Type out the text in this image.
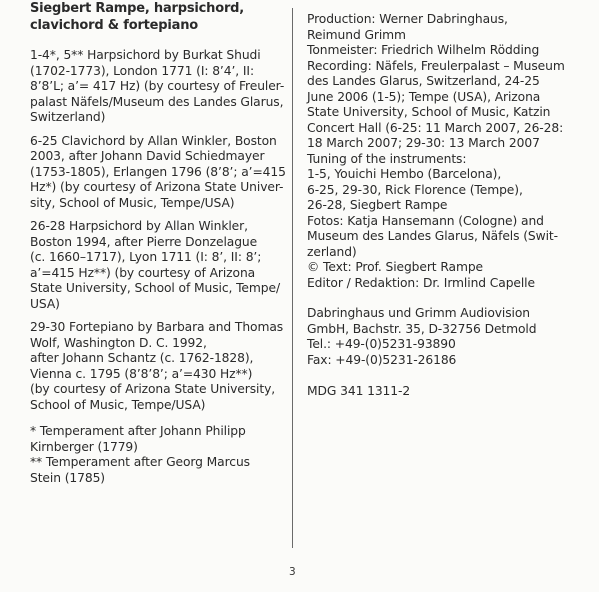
Siegbert Rampe, harpsichord,
clavichord & fortepiano

1-4*, 5** Harpsichord by Burkat Shudi
(1702-1773), London 1771 (I: 8’4’, II:
8’8’L; a’= 417 Hz) (by courtesy of Freuler-
palast Näfels/Museum des Landes Glarus,
Switzerland)

6-25 Clavichord by Allan Winkler, Boston
2003, after Johann David Schiedmayer
(1753-1805), Erlangen 1796 (8’8’; a’=415
Hz*) (by courtesy of Arizona State Univer-
sity, School of Music, Tempe/USA)

26-28 Harpsichord by Allan Winkler,
Boston 1994, after Pierre Donzelague
(c. 1660–1717), Lyon 1711 (I: 8’, II: 8’;
a’=415 Hz**) (by courtesy of Arizona
State University, School of Music, Tempe/
USA)

29-30 Fortepiano by Barbara and Thomas
Wolf, Washington D. C. 1992,
after Johann Schantz (c. 1762-1828),
Vienna c. 1795 (8’8’8’; a’=430 Hz**)
(by courtesy of Arizona State University,
School of Music, Tempe/USA)

* Temperament after Johann Philipp
Kirnberger (1779)
** Temperament after Georg Marcus
Stein (1785)

Production: Werner Dabringhaus,
Reimund Grimm
Tonmeister: Friedrich Wilhelm Rödding
Recording: Näfels, Freulerpalast – Museum
des Landes Glarus, Switzerland, 24-25
June 2006 (1-5); Tempe (USA), Arizona
State University, School of Music, Katzin
Concert Hall (6-25: 11 March 2007, 26-28:
18 March 2007; 29-30: 13 March 2007
Tuning of the instruments:
1-5, Youichi Hembo (Barcelona),
6-25, 29-30, Rick Florence (Tempe),
26-28, Siegbert Rampe
Fotos: Katja Hansemann (Cologne) and
Museum des Landes Glarus, Näfels (Swit-
zerland)
© Text: Prof. Siegbert Rampe
Editor / Redaktion: Dr. Irmlind Capelle

Dabringhaus und Grimm Audiovision
GmbH, Bachstr. 35, D-32756 Detmold
Tel.: +49-(0)5231-93890
Fax: +49-(0)5231-26186

MDG 341 1311-2

3
